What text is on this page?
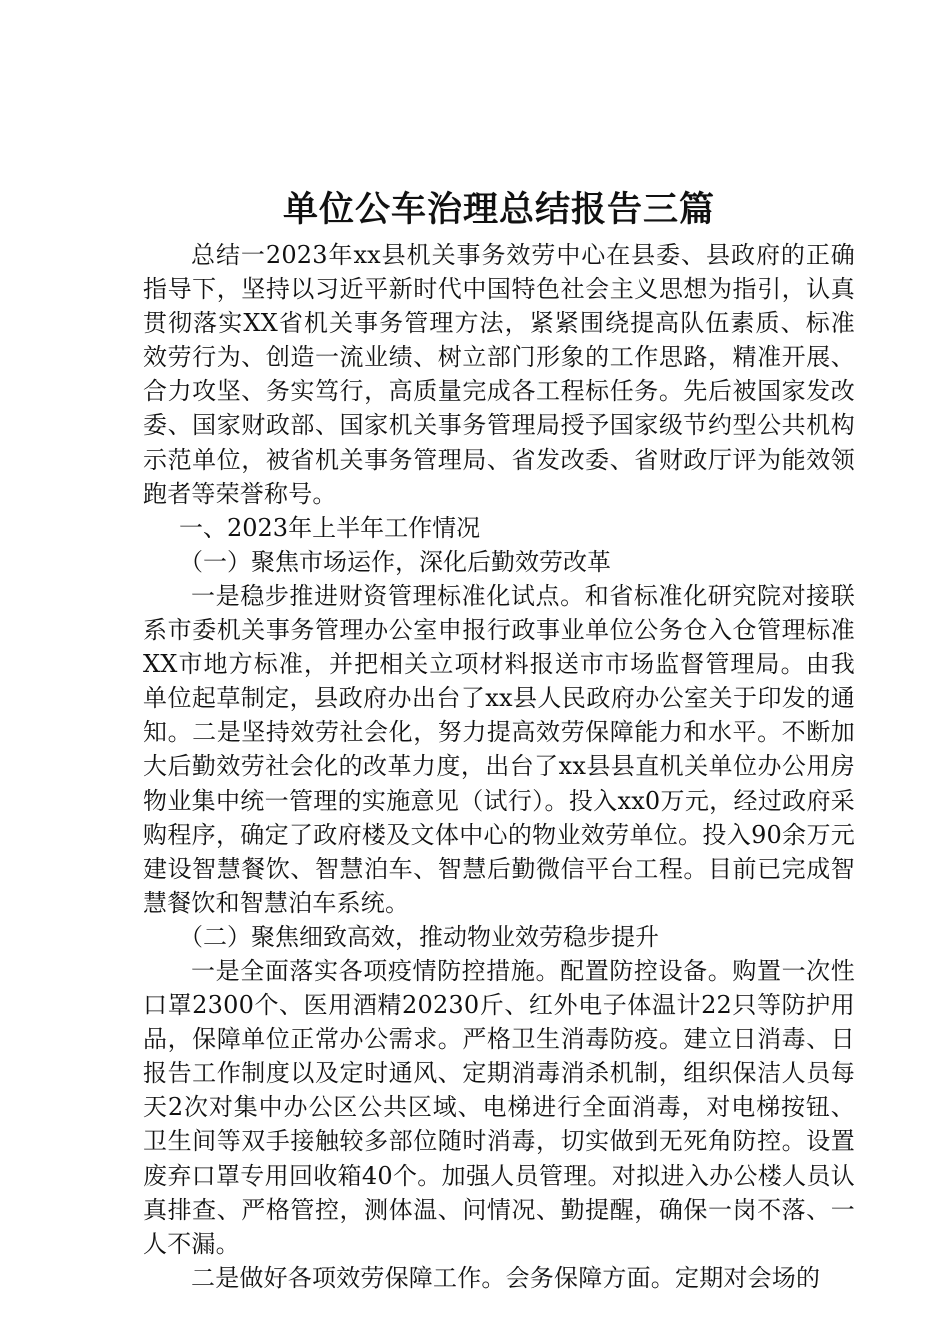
单位公车治理总结报告三篇

总结一2023年xx县机关事务效劳中心在县委、县政府的正确指导下，坚持以习近平新时代中国特色社会主义思想为指引，认真贯彻落实XX省机关事务管理方法，紧紧围绕提高队伍素质、标准效劳行为、创造一流业绩、树立部门形象的工作思路，精准开展、合力攻坚、务实笃行，高质量完成各工程标任务。先后被国家发改委、国家财政部、国家机关事务管理局授予国家级节约型公共机构示范单位，被省机关事务管理局、省发改委、省财政厅评为能效领跑者等荣誉称号。

一、2023年上半年工作情况

（一）聚焦市场运作，深化后勤效劳改革

一是稳步推进财资管理标准化试点。和省标准化研究院对接联系市委机关事务管理办公室申报行政事业单位公务仓入仓管理标准XX市地方标准，并把相关立项材料报送市市场监督管理局。由我单位起草制定，县政府办出台了xx县人民政府办公室关于印发的通知。二是坚持效劳社会化，努力提高效劳保障能力和水平。不断加大后勤效劳社会化的改革力度，出台了xx县县直机关单位办公用房物业集中统一管理的实施意见（试行）。投入xx0万元，经过政府采购程序，确定了政府楼及文体中心的物业效劳单位。投入90余万元建设智慧餐饮、智慧泊车、智慧后勤微信平台工程。目前已完成智慧餐饮和智慧泊车系统。

（二）聚焦细致高效，推动物业效劳稳步提升

一是全面落实各项疫情防控措施。配置防控设备。购置一次性口罩2300个、医用酒精20230斤、红外电子体温计22只等防护用品，保障单位正常办公需求。严格卫生消毒防疫。建立日消毒、日报告工作制度以及定时通风、定期消毒消杀机制，组织保洁人员每天2次对集中办公区公共区域、电梯进行全面消毒，对电梯按钮、卫生间等双手接触较多部位随时消毒，切实做到无死角防控。设置废弃口罩专用回收箱40个。加强人员管理。对拟进入办公楼人员认真排查、严格管控，测体温、问情况、勤提醒，确保一岗不落、一人不漏。

二是做好各项效劳保障工作。会务保障方面。定期对会场的
